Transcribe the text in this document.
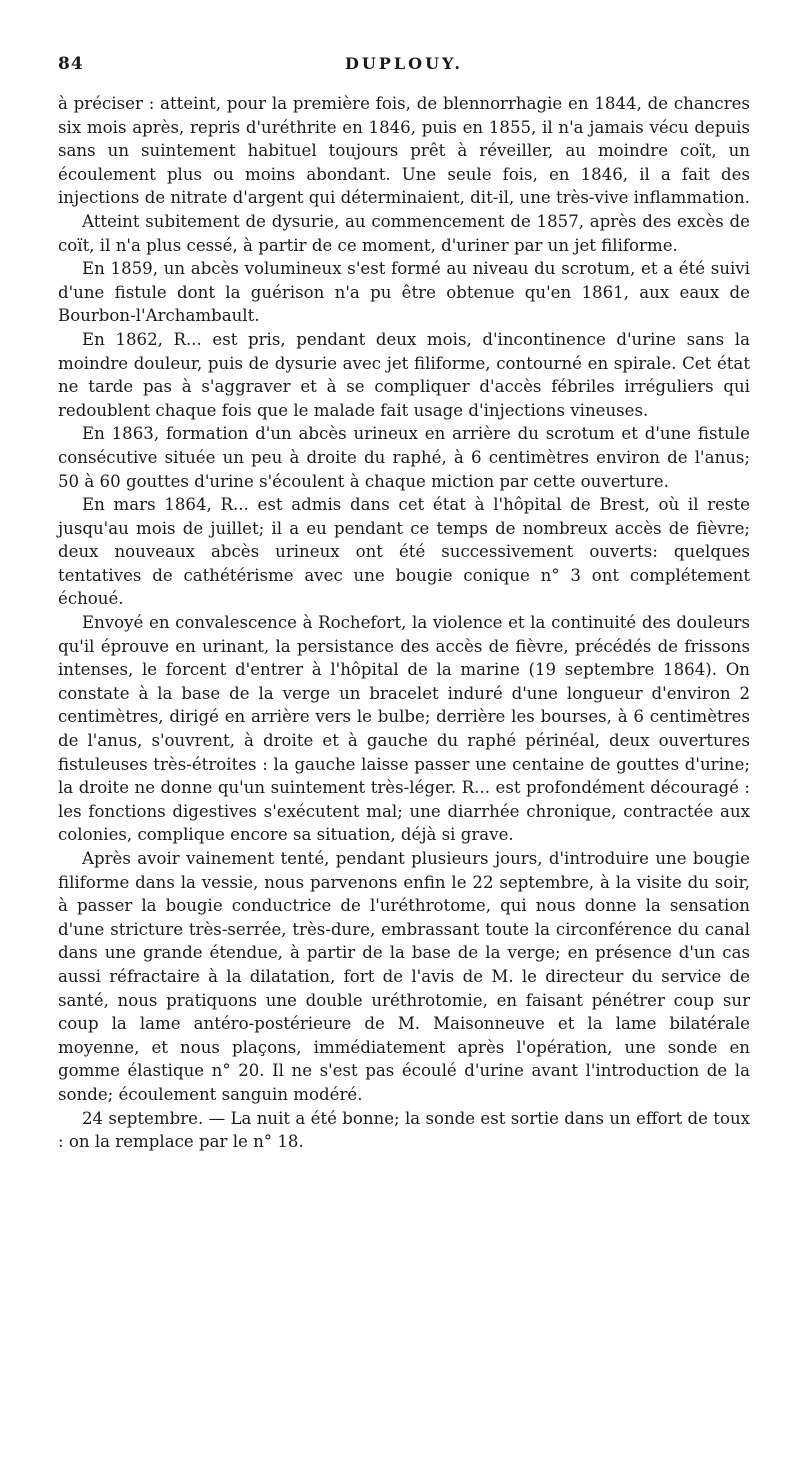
84	DUPLOUY.

à préciser : atteint, pour la première fois, de blennorrhagie en 1844, de chancres six mois après, repris d'uréthrite en 1846, puis en 1855, il n'a jamais vécu depuis sans un suintement habituel toujours prêt à réveiller, au moindre coït, un écoulement plus ou moins abondant. Une seule fois, en 1846, il a fait des injections de nitrate d'argent qui déterminaient, dit-il, une très-vive inflammation.

Atteint subitement de dysurie, au commencement de 1857, après des excès de coït, il n'a plus cessé, à partir de ce moment, d'uriner par un jet filiforme.

En 1859, un abcès volumineux s'est formé au niveau du scrotum, et a été suivi d'une fistule dont la guérison n'a pu être obtenue qu'en 1861, aux eaux de Bourbon-l'Archambault.

En 1862, R... est pris, pendant deux mois, d'incontinence d'urine sans la moindre douleur, puis de dysurie avec jet filiforme, contourné en spirale. Cet état ne tarde pas à s'aggraver et à se compliquer d'accès fébriles irréguliers qui redoublent chaque fois que le malade fait usage d'injections vineuses.

En 1863, formation d'un abcès urineux en arrière du scrotum et d'une fistule consécutive située un peu à droite du raphé, à 6 centimètres environ de l'anus; 50 à 60 gouttes d'urine s'écoulent à chaque miction par cette ouverture.

En mars 1864, R... est admis dans cet état à l'hôpital de Brest, où il reste jusqu'au mois de juillet; il a eu pendant ce temps de nombreux accès de fièvre; deux nouveaux abcès urineux ont été successivement ouverts: quelques tentatives de cathétérisme avec une bougie conique n° 3 ont complétement échoué.

Envoyé en convalescence à Rochefort, la violence et la continuité des douleurs qu'il éprouve en urinant, la persistance des accès de fièvre, précédés de frissons intenses, le forcent d'entrer à l'hôpital de la marine (19 septembre 1864). On constate à la base de la verge un bracelet induré d'une longueur d'environ 2 centimètres, dirigé en arrière vers le bulbe; derrière les bourses, à 6 centimètres de l'anus, s'ouvrent, à droite et à gauche du raphé périnéal, deux ouvertures fistuleuses très-étroites : la gauche laisse passer une centaine de gouttes d'urine; la droite ne donne qu'un suintement très-léger. R... est profondément découragé : les fonctions digestives s'exécutent mal; une diarrhée chronique, contractée aux colonies, complique encore sa situation, déjà si grave.

Après avoir vainement tenté, pendant plusieurs jours, d'introduire une bougie filiforme dans la vessie, nous parvenons enfin le 22 septembre, à la visite du soir, à passer la bougie conductrice de l'uréthrotome, qui nous donne la sensation d'une stricture très-serrée, très-dure, embrassant toute la circonférence du canal dans une grande étendue, à partir de la base de la verge; en présence d'un cas aussi réfractaire à la dilatation, fort de l'avis de M. le directeur du service de santé, nous pratiquons une double uréthrotomie, en faisant pénétrer coup sur coup la lame antéro-postérieure de M. Maisonneuve et la lame bilatérale moyenne, et nous plaçons, immédiatement après l'opération, une sonde en gomme élastique n° 20. Il ne s'est pas écoulé d'urine avant l'introduction de la sonde; écoulement sanguin modéré.

24 septembre. — La nuit a été bonne; la sonde est sortie dans un effort de toux : on la remplace par le n° 18.
